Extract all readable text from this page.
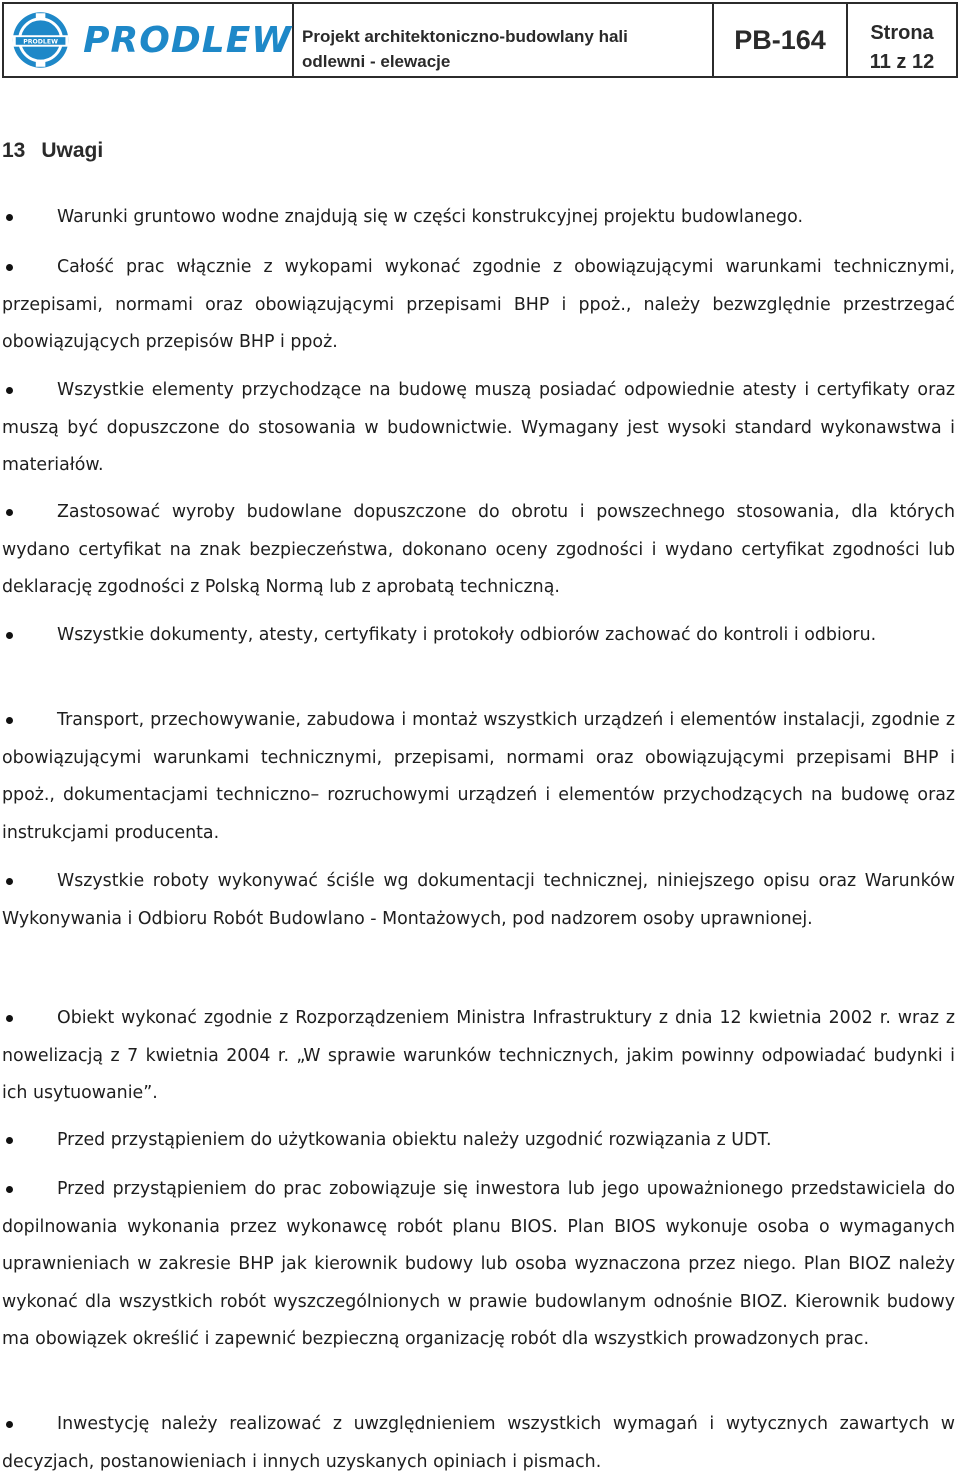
PRODLEW PRODLEW Projekt architektoniczno-budowlany hali
odlewni - elewacje
PB-164	Strona
11 z 12
13 Uwagi
Warunki gruntowo wodne znajdują się w części konstrukcyjnej projektu budowlanego.
Całość prac włącznie z wykopami wykonać zgodnie z obowiązującymi warunkami technicznymi, przepisami, normami oraz obowiązującymi przepisami BHP i ppoż., należy bezwzględnie przestrzegać obowiązujących przepisów BHP i ppoż.
Wszystkie elementy przychodzące na budowę muszą posiadać odpowiednie atesty i certyfikaty oraz muszą być dopuszczone do stosowania w budownictwie. Wymagany jest wysoki standard wykonawstwa i materiałów.
Zastosować wyroby budowlane dopuszczone do obrotu i powszechnego stosowania, dla których wydano certyfikat na znak bezpieczeństwa, dokonano oceny zgodności i wydano certyfikat zgodności lub deklarację zgodności z Polską Normą lub z aprobatą techniczną.
Wszystkie dokumenty, atesty, certyfikaty i protokoły odbiorów zachować do kontroli i odbioru.
Transport, przechowywanie, zabudowa i montaż wszystkich urządzeń i elementów instalacji, zgodnie z obowiązującymi warunkami technicznymi, przepisami, normami oraz obowiązującymi przepisami BHP i ppoż., dokumentacjami techniczno– rozruchowymi urządzeń i elementów przychodzących na budowę oraz instrukcjami producenta.
Wszystkie roboty wykonywać ściśle wg dokumentacji technicznej, niniejszego opisu oraz Warunków Wykonywania i Odbioru Robót Budowlano - Montażowych, pod nadzorem osoby uprawnionej.
Obiekt wykonać zgodnie z Rozporządzeniem Ministra Infrastruktury z dnia 12 kwietnia 2002 r. wraz z nowelizacją z 7 kwietnia 2004 r. „W sprawie warunków technicznych, jakim powinny odpowiadać budynki i ich usytuowanie”.
Przed przystąpieniem do użytkowania obiektu należy uzgodnić rozwiązania z UDT.
Przed przystąpieniem do prac zobowiązuje się inwestora lub jego upoważnionego przedstawiciela do dopilnowania wykonania przez wykonawcę robót planu BIOS. Plan BIOS wykonuje osoba o wymaganych uprawnieniach w zakresie BHP jak kierownik budowy lub osoba wyznaczona przez niego. Plan BIOZ należy wykonać dla wszystkich robót wyszczególnionych w prawie budowlanym odnośnie BIOZ. Kierownik budowy ma obowiązek określić i zapewnić bezpieczną organizację robót dla wszystkich prowadzonych prac.
Inwestycję należy realizować z uwzględnieniem wszystkich wymagań i wytycznych zawartych w decyzjach, postanowieniach i innych uzyskanych opiniach i pismach.
